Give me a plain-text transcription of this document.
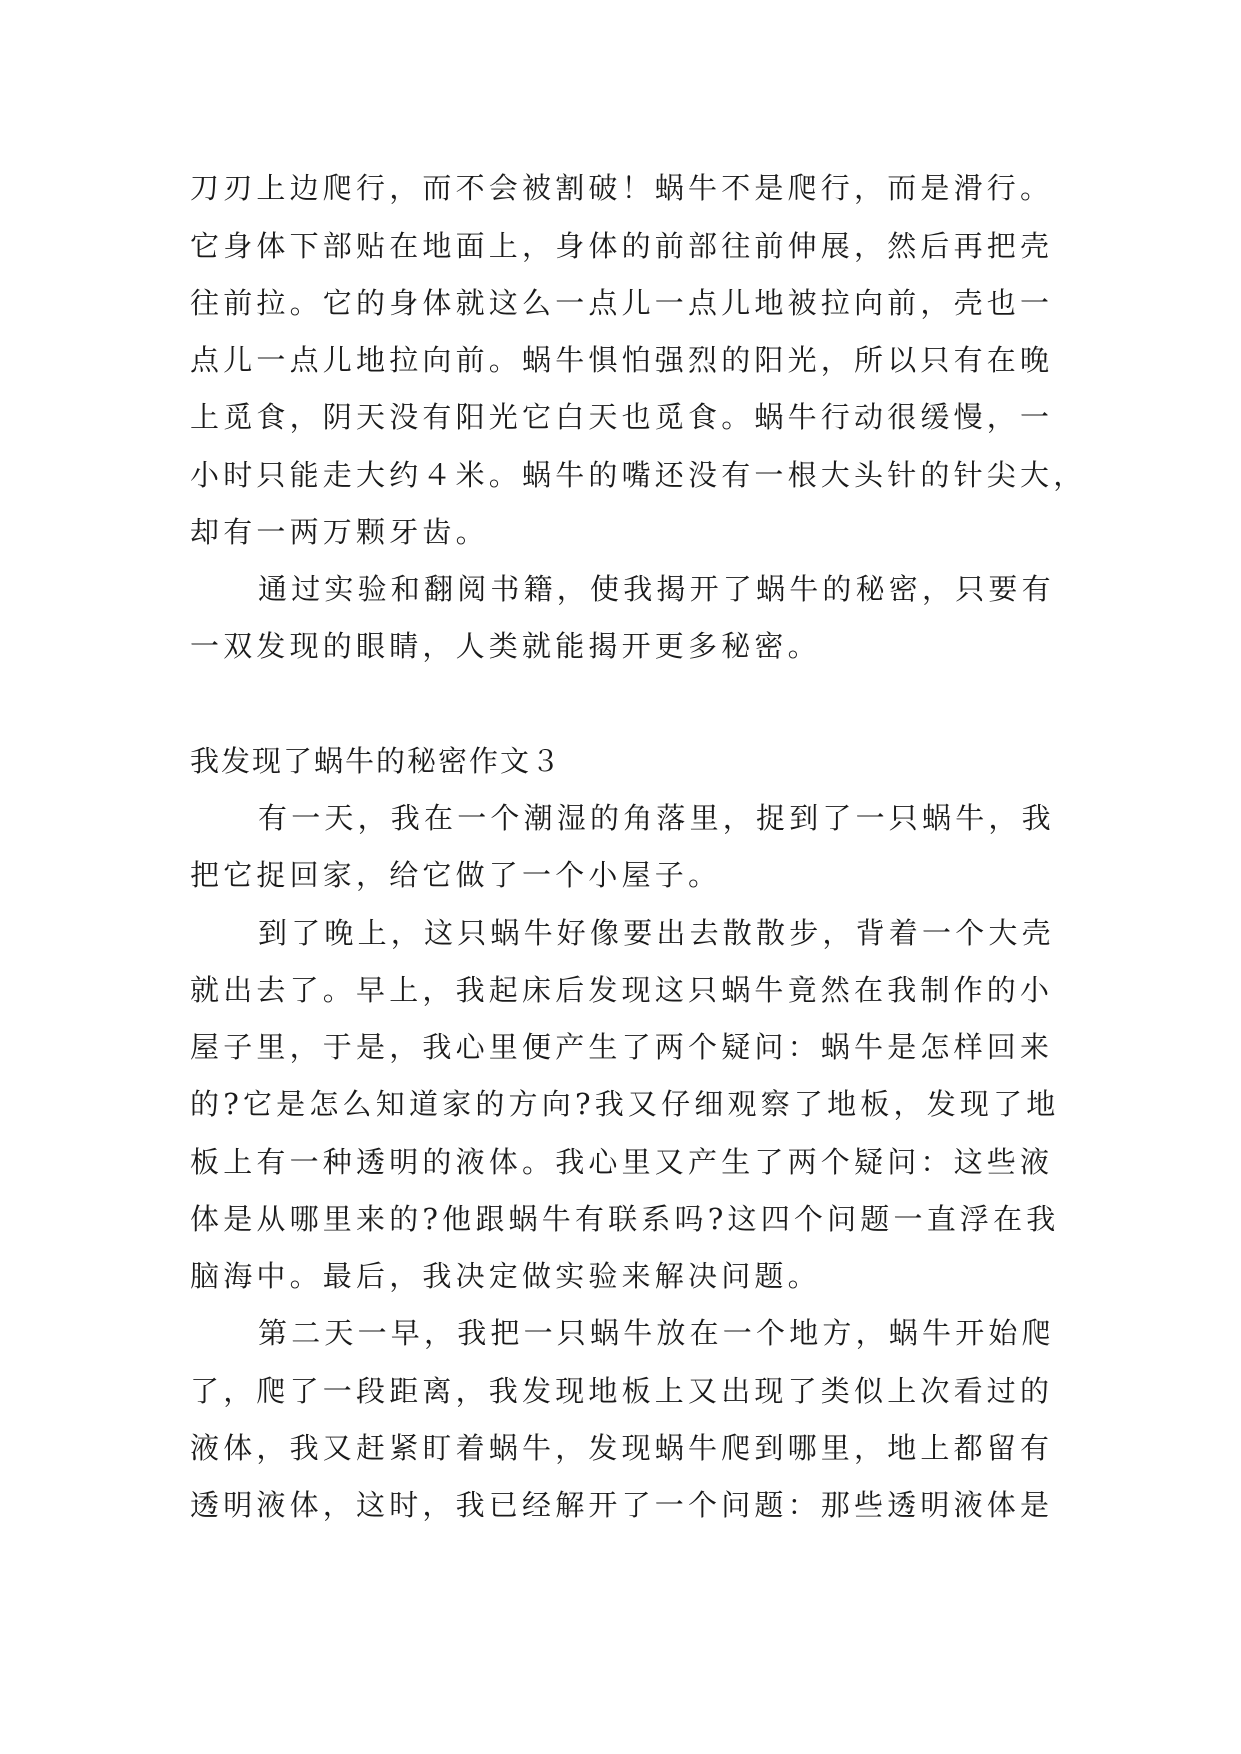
刀刃上边爬行，而不会被割破！蜗牛不是爬行，而是滑行。
它身体下部贴在地面上，身体的前部往前伸展，然后再把壳
往前拉。它的身体就这么一点儿一点儿地被拉向前，壳也一
点儿一点儿地拉向前。蜗牛惧怕强烈的阳光，所以只有在晚
上觅食，阴天没有阳光它白天也觅食。蜗牛行动很缓慢，一
小时只能走大约４米。蜗牛的嘴还没有一根大头针的针尖大，
却有一两万颗牙齿。
通过实验和翻阅书籍，使我揭开了蜗牛的秘密，只要有
一双发现的眼睛，人类就能揭开更多秘密。
我发现了蜗牛的秘密作文３
有一天，我在一个潮湿的角落里，捉到了一只蜗牛，我
把它捉回家，给它做了一个小屋子。
到了晚上，这只蜗牛好像要出去散散步，背着一个大壳
就出去了。早上，我起床后发现这只蜗牛竟然在我制作的小
屋子里，于是，我心里便产生了两个疑问：蜗牛是怎样回来
的?它是怎么知道家的方向?我又仔细观察了地板，发现了地
板上有一种透明的液体。我心里又产生了两个疑问：这些液
体是从哪里来的?他跟蜗牛有联系吗?这四个问题一直浮在我
脑海中。最后，我决定做实验来解决问题。
第二天一早，我把一只蜗牛放在一个地方，蜗牛开始爬
了，爬了一段距离，我发现地板上又出现了类似上次看过的
液体，我又赶紧盯着蜗牛，发现蜗牛爬到哪里，地上都留有
透明液体，这时，我已经解开了一个问题：那些透明液体是
